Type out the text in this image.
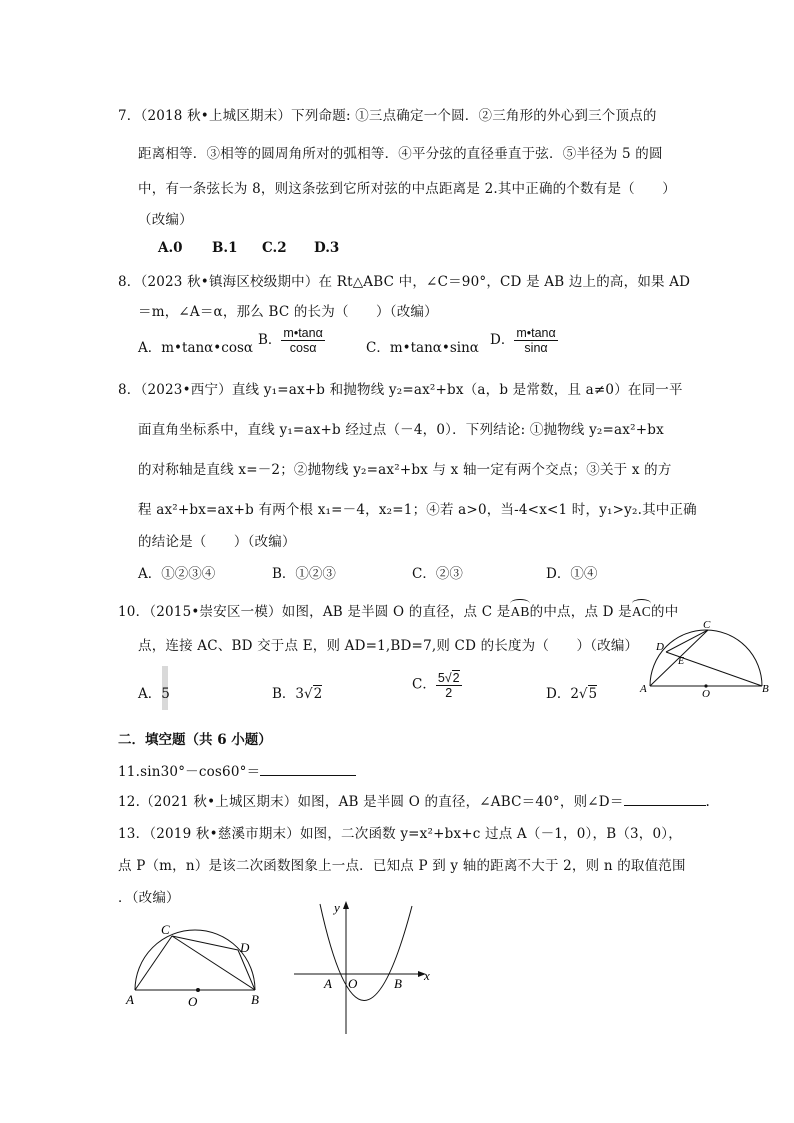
7．（2018 秋•上城区期末）下列命题: ①三点确定一个圆．②三角形的外心到三个顶点的
距离相等．③相等的圆周角所对的弧相等．④平分弦的直径垂直于弦．⑤半径为 5 的圆
中，有一条弦长为 8，则这条弦到它所对弦的中点距离是 2.其中正确的个数有是（　　）
（改编）
A.0 B.1 C.2 D.3
8．（2023 秋•镇海区校级期中）在 Rt△ABC 中，∠C＝90°，CD 是 AB 边上的高，如果 AD
＝m，∠A＝α，那么 BC 的长为（　　）（改编）
A．m•tanα•cosα B． $\frac{m•\tan\alpha}{\cos\alpha}$	C．m•tanα•sinα D． $\frac{m•\tan\alpha}{\sin\alpha}$
8．（2023•西宁）直线 y₁=ax+b 和抛物线 y₂=ax²+bx（a，b 是常数，且 a≠0）在同一平
面直角坐标系中，直线 y₁=ax+b 经过点（－4，0）．下列结论: ①抛物线 y₂=ax²+bx
的对称轴是直线 x=－2；②抛物线 y₂=ax²+bx 与 x 轴一定有两个交点；③关于 x 的方
程 ax²+bx=ax+b 有两个根 x₁=－4，x₂=1；④若 a>0，当-4<x<1 时，y₁>y₂.其中正确
的结论是（　　）（改编）
A．①②③④	B．①②③	C．②③	D．①④
10．（2015•崇安区一模）如图，AB 是半圆 O 的直径，点 C 是AB的中点，点 D 是AC的中
点，连接 AC、BD 交于点 E，则 AD=1,BD=7,则 CD 的长度为（　　）（改编）
A．5	B．3√2
C． $\frac{5√2}{2}$	D．2√5	A	B
C
D
E
O
二．填空题（共 6 小题）
11.sin30°－cos60°＝
12.（2021 秋•上城区期末）如图，AB 是半圆 O 的直径，∠ABC＝40°，则∠D＝	.
13．（2019 秋•慈溪市期末）如图，二次函数 y=x²+bx+c 过点 A（－1，0），B（3，0），
点 P（m，n）是该二次函数图象上一点．已知点 P 到 y 轴的距离不大于 2，则 n 的取值范围
．（改编）
A	B
C
D
O
x
y
A O	B
